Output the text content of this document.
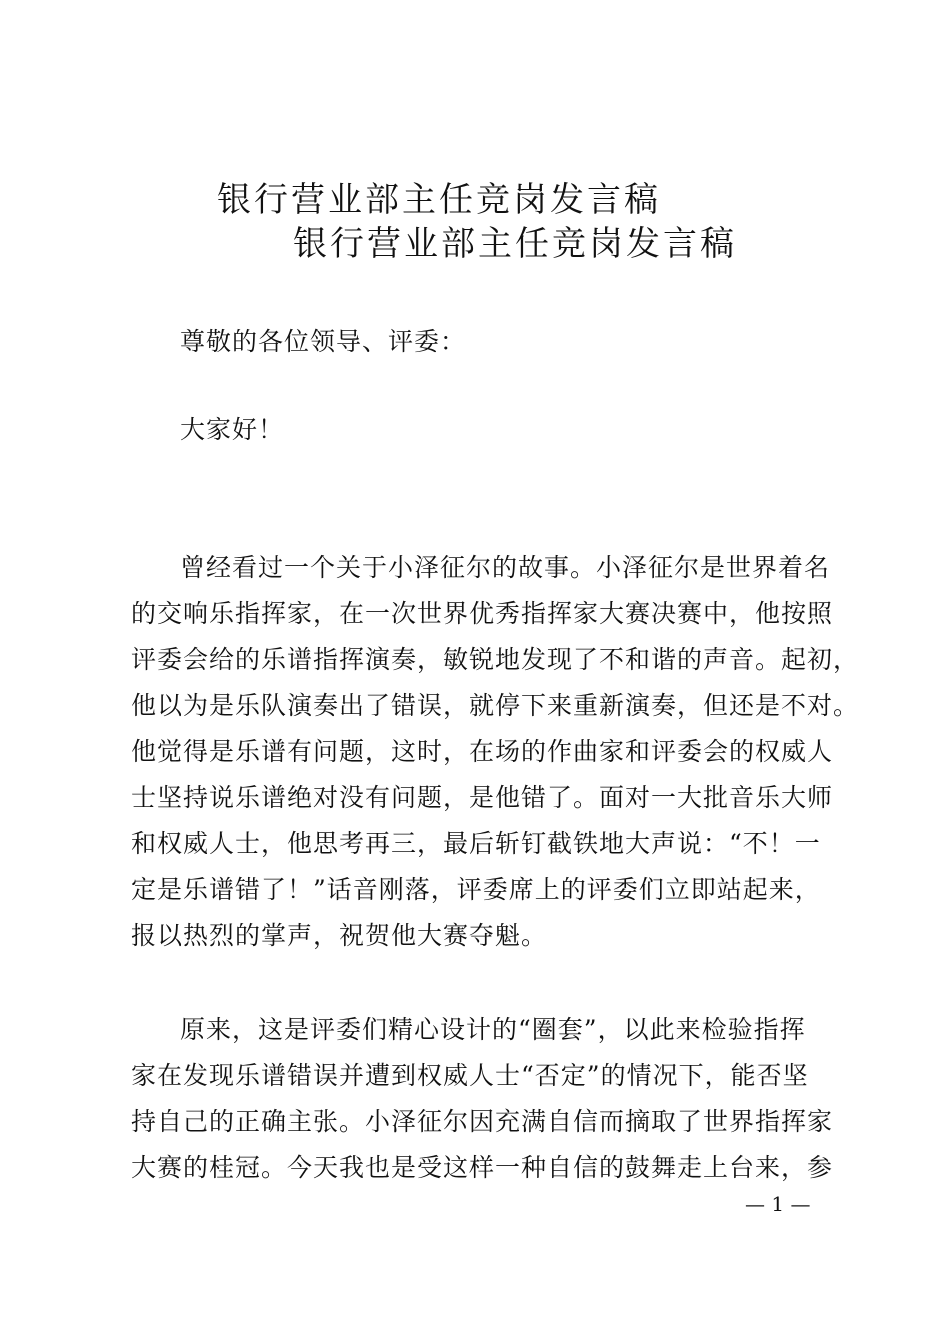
银行营业部主任竞岗发言稿
银行营业部主任竞岗发言稿
尊敬的各位领导、评委：
大家好！
曾经看过一个关于小泽征尔的故事。小泽征尔是世界着名
的交响乐指挥家，在一次世界优秀指挥家大赛决赛中，他按照
评委会给的乐谱指挥演奏，敏锐地发现了不和谐的声音。起初，
他以为是乐队演奏出了错误，就停下来重新演奏，但还是不对。
他觉得是乐谱有问题，这时，在场的作曲家和评委会的权威人
士坚持说乐谱绝对没有问题，是他错了。面对一大批音乐大师
和权威人士，他思考再三，最后斩钉截铁地大声说：“不！一
定是乐谱错了！”话音刚落，评委席上的评委们立即站起来，
报以热烈的掌声，祝贺他大赛夺魁。
原来，这是评委们精心设计的“圈套”，以此来检验指挥
家在发现乐谱错误并遭到权威人士“否定”的情况下，能否坚
持自己的正确主张。小泽征尔因充满自信而摘取了世界指挥家
大赛的桂冠。今天我也是受这样一种自信的鼓舞走上台来，参
— 1 —
